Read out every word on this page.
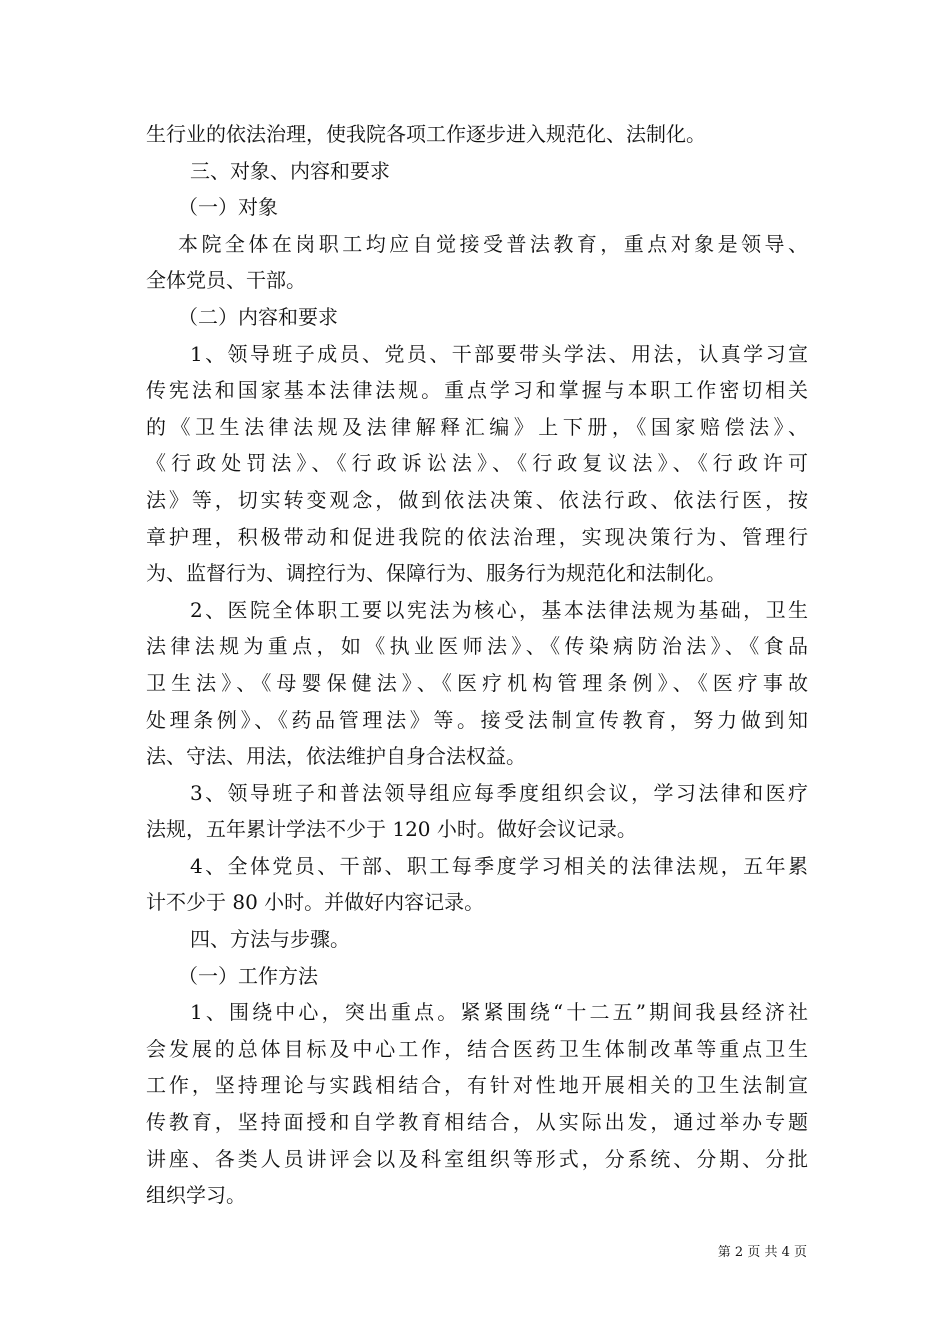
生行业的依法治理，使我院各项工作逐步进入规范化、法制化。
三、对象、内容和要求
（一）对象
本院全体在岗职工均应自觉接受普法教育，重点对象是领导、
全体党员、干部。
（二）内容和要求
1、领导班子成员、党员、干部要带头学法、用法，认真学习宣
传宪法和国家基本法律法规。重点学习和掌握与本职工作密切相关
的《卫生法律法规及法律解释汇编》上下册，《国家赔偿法》、
《行政处罚法》、《行政诉讼法》、《行政复议法》、《行政许可
法》等，切实转变观念，做到依法决策、依法行政、依法行医，按
章护理，积极带动和促进我院的依法治理，实现决策行为、管理行
为、监督行为、调控行为、保障行为、服务行为规范化和法制化。
2、医院全体职工要以宪法为核心，基本法律法规为基础，卫生
法律法规为重点，如《执业医师法》、《传染病防治法》、《食品
卫生法》、《母婴保健法》、《医疗机构管理条例》、《医疗事故
处理条例》、《药品管理法》等。接受法制宣传教育，努力做到知
法、守法、用法，依法维护自身合法权益。
3、领导班子和普法领导组应每季度组织会议，学习法律和医疗
法规，五年累计学法不少于 120 小时。做好会议记录。
4、全体党员、干部、职工每季度学习相关的法律法规，五年累
计不少于 80 小时。并做好内容记录。
四、方法与步骤。
（一）工作方法
1、围绕中心，突出重点。紧紧围绕“十二五”期间我县经济社
会发展的总体目标及中心工作，结合医药卫生体制改革等重点卫生
工作，坚持理论与实践相结合，有针对性地开展相关的卫生法制宣
传教育，坚持面授和自学教育相结合，从实际出发，通过举办专题
讲座、各类人员讲评会以及科室组织等形式，分系统、分期、分批
组织学习。
第 2 页 共 4 页
